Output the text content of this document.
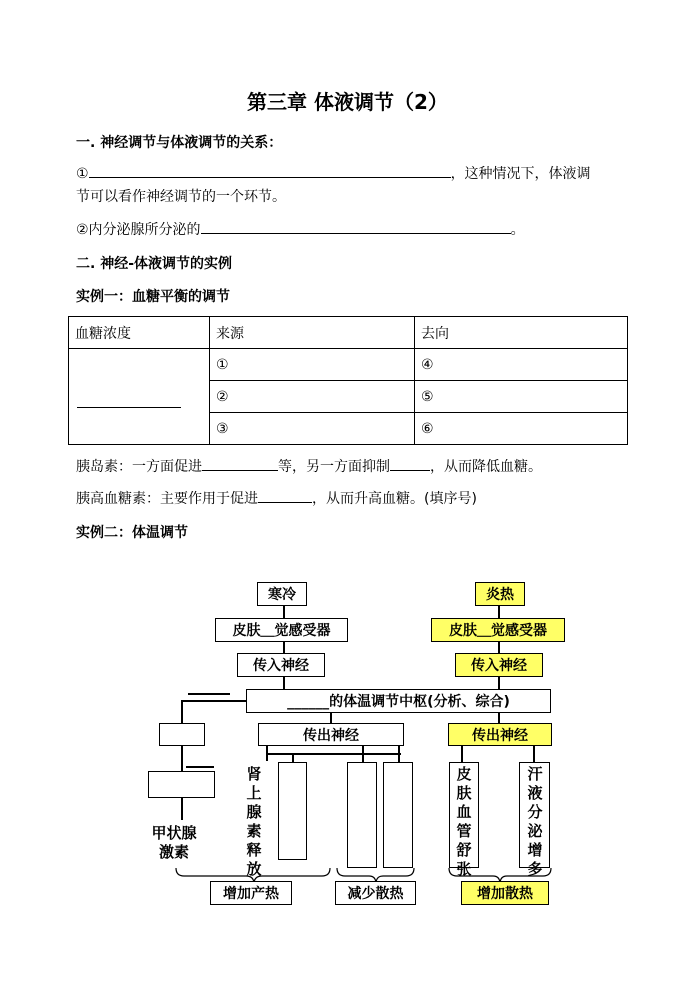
第三章 体液调节（2）
一. 神经调节与体液调节的关系：
①	，这种情况下，体液调
节可以看作神经调节的一个环节。
②内分泌腺所分泌的	。
二. 神经-体液调节的实例
实例一：血糖平衡的调节
血糖浓度	来源	去向

	①	④
	②	⑤
	③	⑥
胰岛素：一方面促进	等，另一方面抑制	，从而降低血糖。
胰高血糖素：主要作用于促进	，从而升高血糖。(填序号)
实例二：体温调节
寒冷	炎热
皮肤＿觉感受器	皮肤＿觉感受器
传入神经	传入神经
______的体温调节中枢(分析、综合)
传出神经	传出神经
肾上腺素释放
皮肤血管舒张
汗液分泌增多
甲状腺激素
增加产热	减少散热	增加散热
